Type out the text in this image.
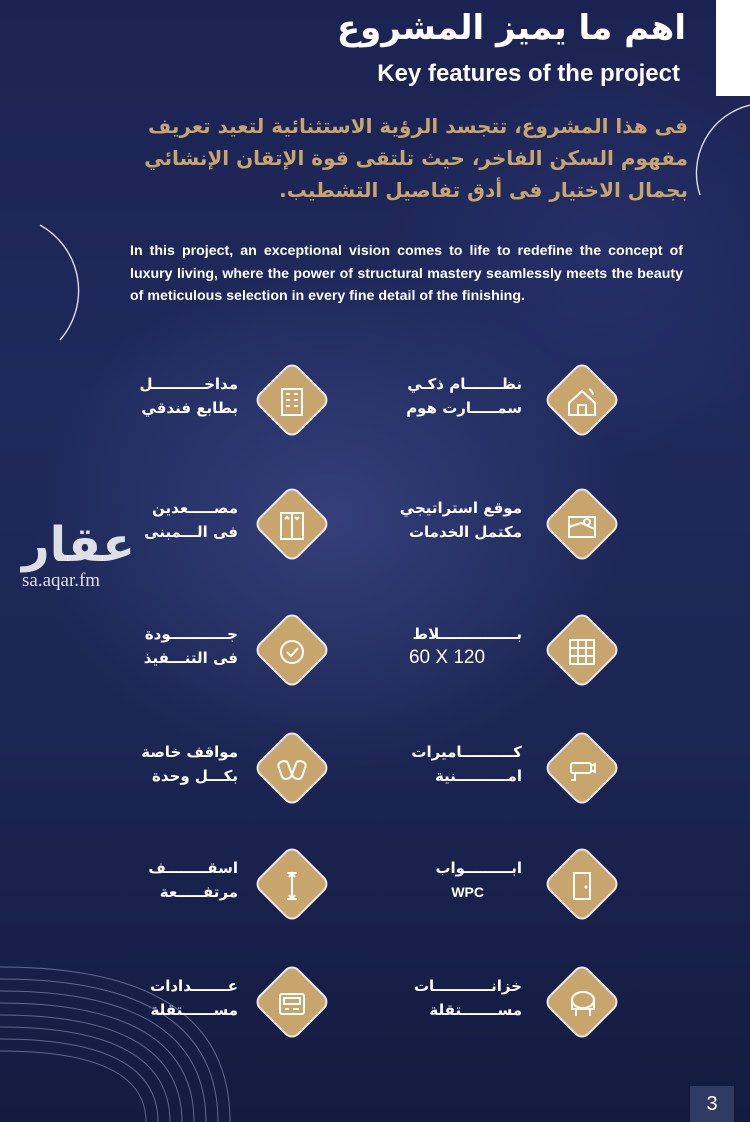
اهم ما يميز المشروع
Key features of the project
فى هذا المشروع، تتجسد الرؤية الاستثنائية لتعيد تعريف مفهوم السكن الفاخر، حيث تلتقى قوة الإتقان الإنشائي بجمال الاختيار فى أدق تفاصيل التشطيب.
In this project, an exceptional vision comes to life to redefine the concept of luxury living, where the power of structural mastery seamlessly meets the beauty of meticulous selection in every fine detail of the finishing.
عقار
sa.aqar.fm
نظـــــــام ذكـي
سمـــــارت هوم
موقع استراتيجي
مكتمل الخدمات
بـــــــــــــــلاط
60 X 120
كــــــــــاميرات
امــــــــــنية
ابـــــــــواب
WPC
خزانـــــــــــات
مســـــــتقلة
مداخــــــــــل
بطابع فندقي
مصـــــعدين
فى الـــمبنى
جـــــــــــودة
فى التنـــفيذ
مواقف خاصة
بكـــل وحدة
اسقــــــــف
مرتفـــــعة
عـــــــدادات
مســــــتقلة
3
